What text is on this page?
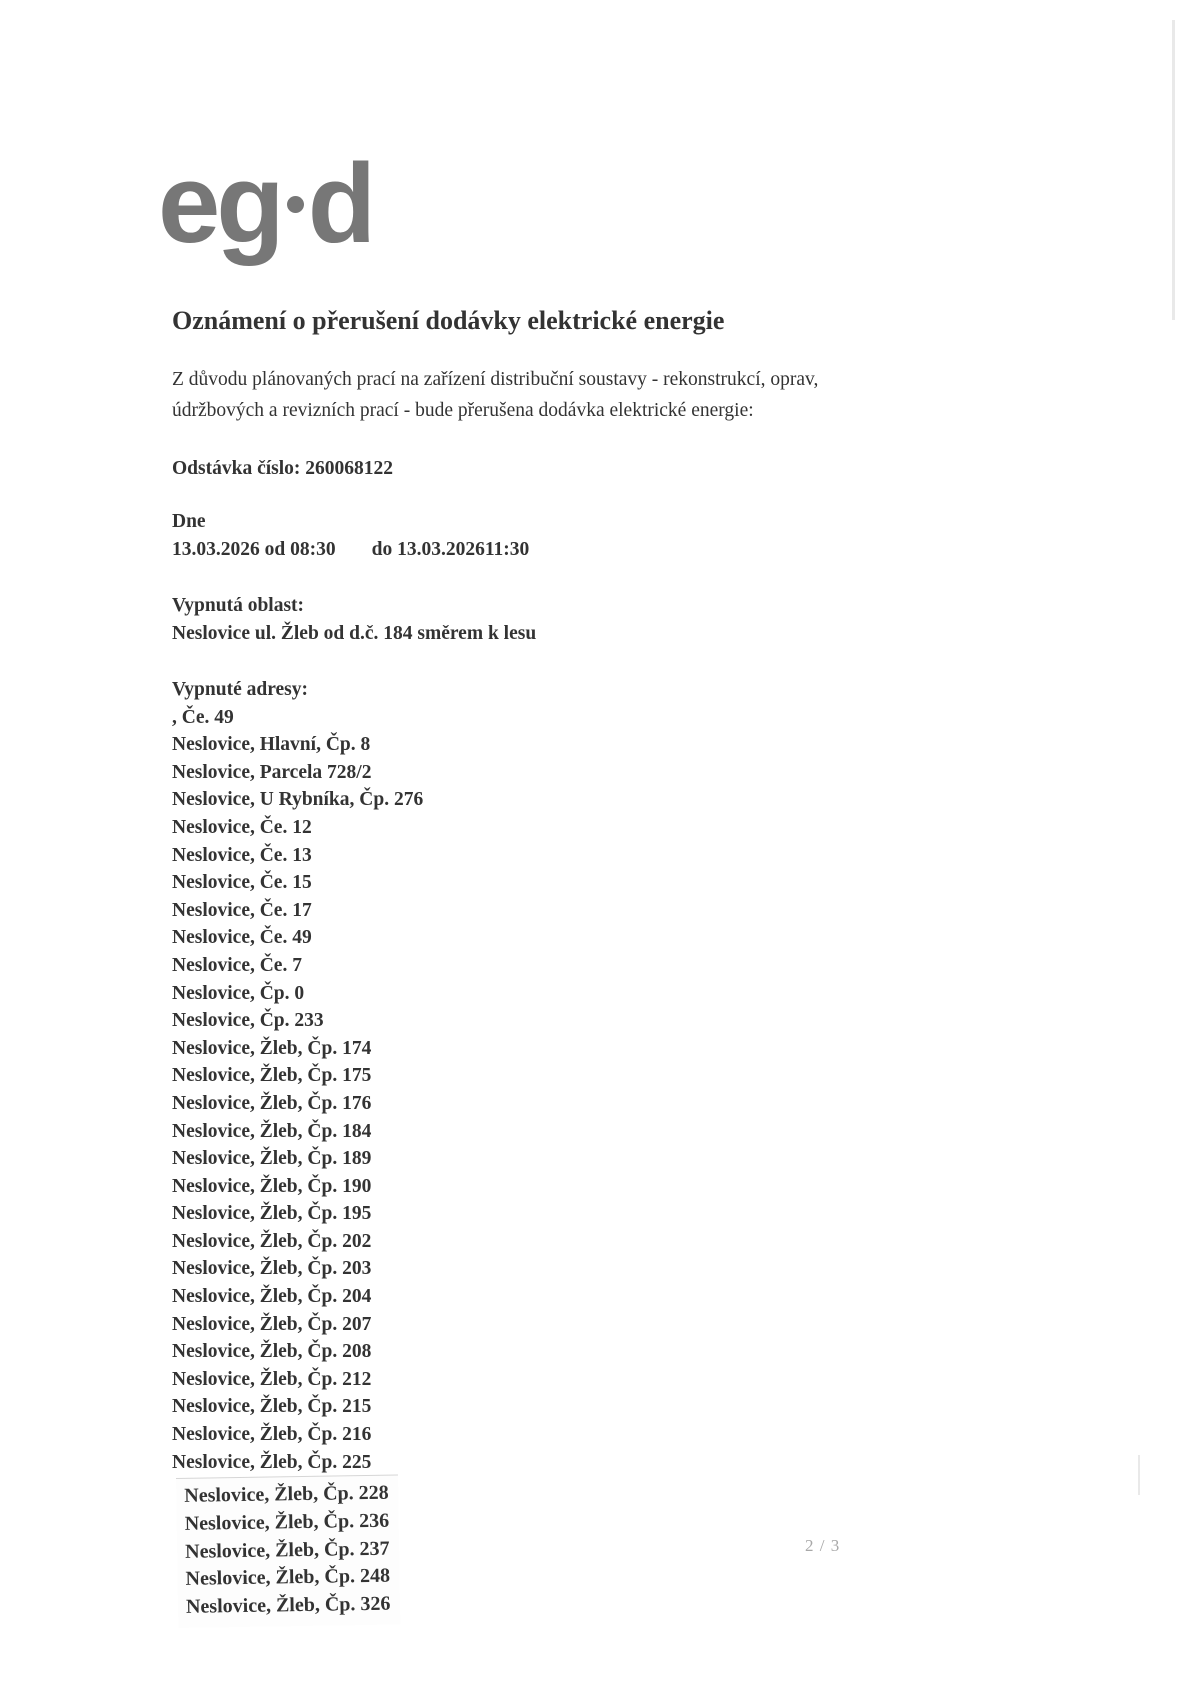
eg d
Oznámení o přerušení dodávky elektrické energie
Z důvodu plánovaných prací na zařízení distribuční soustavy - rekonstrukcí, oprav,
údržbových a revizních prací - bude přerušena dodávka elektrické energie:
Odstávka číslo: 260068122
Dne
13.03.2026 od 08:30 do 13.03.202611:30
Vypnutá oblast:
Neslovice ul. Žleb od d.č. 184 směrem k lesu
Vypnuté adresy:
, Če. 49
Neslovice, Hlavní, Čp. 8
Neslovice, Parcela 728/2
Neslovice, U Rybníka, Čp. 276
Neslovice, Če. 12
Neslovice, Če. 13
Neslovice, Če. 15
Neslovice, Če. 17
Neslovice, Če. 49
Neslovice, Če. 7
Neslovice, Čp. 0
Neslovice, Čp. 233
Neslovice, Žleb, Čp. 174
Neslovice, Žleb, Čp. 175
Neslovice, Žleb, Čp. 176
Neslovice, Žleb, Čp. 184
Neslovice, Žleb, Čp. 189
Neslovice, Žleb, Čp. 190
Neslovice, Žleb, Čp. 195
Neslovice, Žleb, Čp. 202
Neslovice, Žleb, Čp. 203
Neslovice, Žleb, Čp. 204
Neslovice, Žleb, Čp. 207
Neslovice, Žleb, Čp. 208
Neslovice, Žleb, Čp. 212
Neslovice, Žleb, Čp. 215
Neslovice, Žleb, Čp. 216
Neslovice, Žleb, Čp. 225
Neslovice, Žleb, Čp. 228
Neslovice, Žleb, Čp. 236
Neslovice, Žleb, Čp. 237
Neslovice, Žleb, Čp. 248
Neslovice, Žleb, Čp. 326
2 / 3
